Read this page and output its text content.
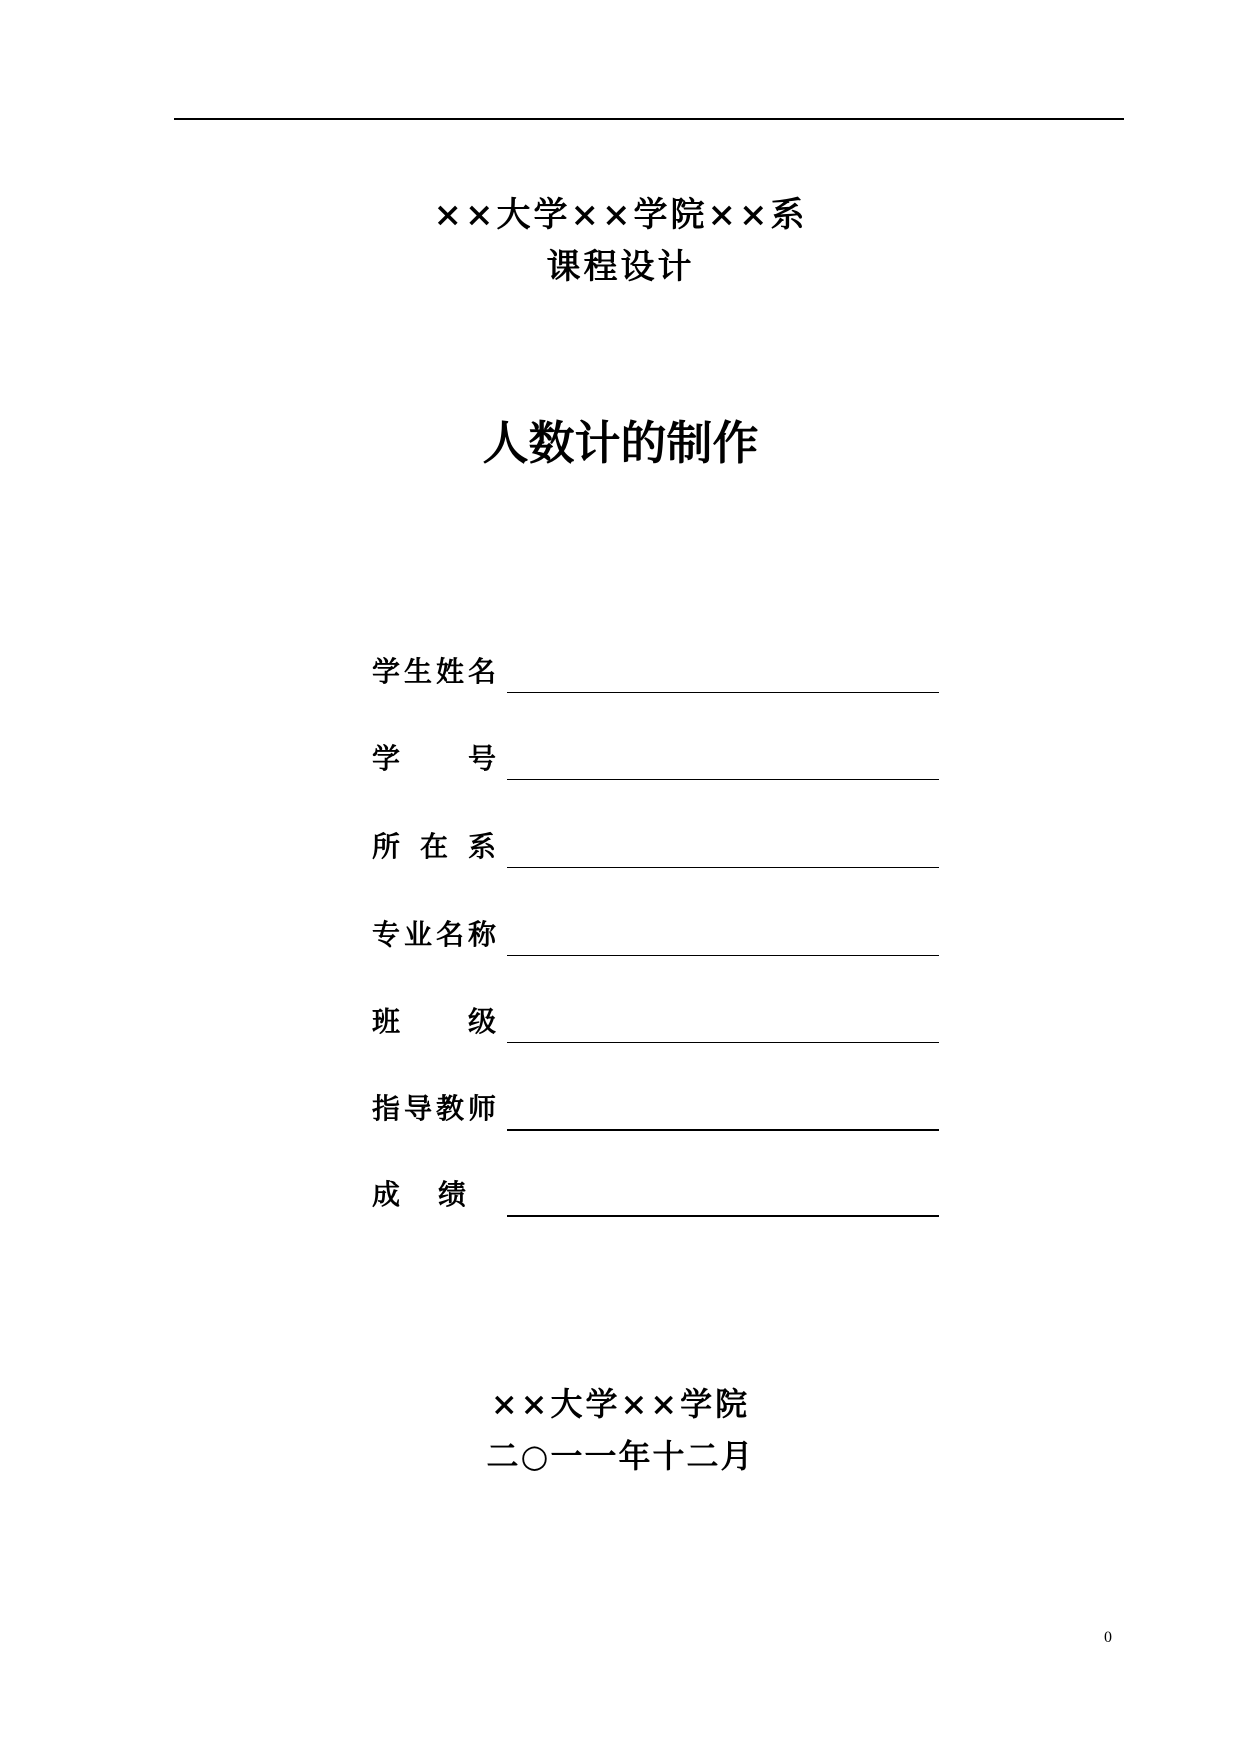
××大学××学院××系
课程设计
人数计的制作
学 生 姓 名
学 号
所 在 系
专 业 名 称
班 级
指 导 教 师
成 绩
××大学××学院
二○一一年十二月
0
